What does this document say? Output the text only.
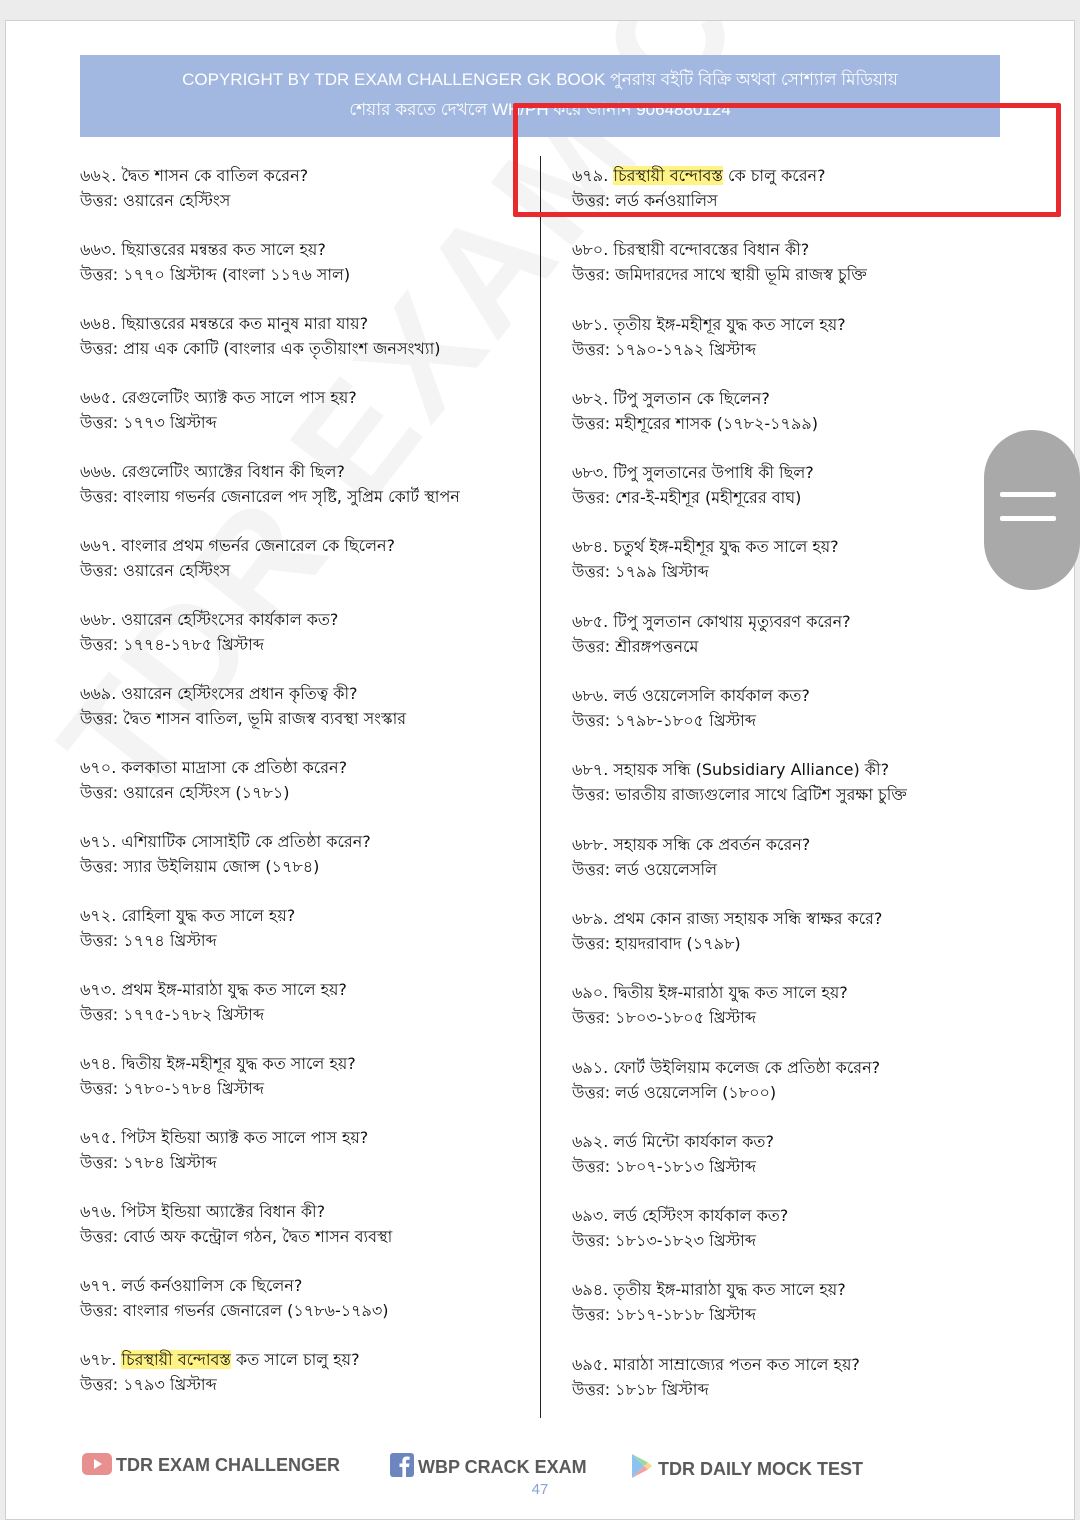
COPYRIGHT BY TDR EXAM CHALLENGER GK BOOK পুনরায় বইটি বিক্রি অথবা সোশ্যাল মিডিয়ায়
শেয়ার করতে দেখলে WH/PH করে জানান 9064880124
৬৬২. দ্বৈত শাসন কে বাতিল করেন?
উত্তর: ওয়ারেন হেস্টিংস
৬৬৩. ছিয়াত্তরের মন্বন্তর কত সালে হয়?
উত্তর: ১৭৭০ খ্রিস্টাব্দ (বাংলা ১১৭৬ সাল)
৬৬৪. ছিয়াত্তরের মন্বন্তরে কত মানুষ মারা যায়?
উত্তর: প্রায় এক কোটি (বাংলার এক তৃতীয়াংশ জনসংখ্যা)
৬৬৫. রেগুলেটিং অ্যাক্ট কত সালে পাস হয়?
উত্তর: ১৭৭৩ খ্রিস্টাব্দ
৬৬৬. রেগুলেটিং অ্যাক্টের বিধান কী ছিল?
উত্তর: বাংলায় গভর্নর জেনারেল পদ সৃষ্টি, সুপ্রিম কোর্ট স্থাপন
৬৬৭. বাংলার প্রথম গভর্নর জেনারেল কে ছিলেন?
উত্তর: ওয়ারেন হেস্টিংস
৬৬৮. ওয়ারেন হেস্টিংসের কার্যকাল কত?
উত্তর: ১৭৭৪-১৭৮৫ খ্রিস্টাব্দ
৬৬৯. ওয়ারেন হেস্টিংসের প্রধান কৃতিত্ব কী?
উত্তর: দ্বৈত শাসন বাতিল, ভূমি রাজস্ব ব্যবস্থা সংস্কার
৬৭০. কলকাতা মাদ্রাসা কে প্রতিষ্ঠা করেন?
উত্তর: ওয়ারেন হেস্টিংস (১৭৮১)
৬৭১. এশিয়াটিক সোসাইটি কে প্রতিষ্ঠা করেন?
উত্তর: স্যার উইলিয়াম জোন্স (১৭৮৪)
৬৭২. রোহিলা যুদ্ধ কত সালে হয়?
উত্তর: ১৭৭৪ খ্রিস্টাব্দ
৬৭৩. প্রথম ইঙ্গ-মারাঠা যুদ্ধ কত সালে হয়?
উত্তর: ১৭৭৫-১৭৮২ খ্রিস্টাব্দ
৬৭৪. দ্বিতীয় ইঙ্গ-মহীশূর যুদ্ধ কত সালে হয়?
উত্তর: ১৭৮০-১৭৮৪ খ্রিস্টাব্দ
৬৭৫. পিটস ইন্ডিয়া অ্যাক্ট কত সালে পাস হয়?
উত্তর: ১৭৮৪ খ্রিস্টাব্দ
৬৭৬. পিটস ইন্ডিয়া অ্যাক্টের বিধান কী?
উত্তর: বোর্ড অফ কন্ট্রোল গঠন, দ্বৈত শাসন ব্যবস্থা
৬৭৭. লর্ড কর্নওয়ালিস কে ছিলেন?
উত্তর: বাংলার গভর্নর জেনারেল (১৭৮৬-১৭৯৩)
৬৭৮. চিরস্থায়ী বন্দোবস্ত কত সালে চালু হয়?
উত্তর: ১৭৯৩ খ্রিস্টাব্দ
৬৭৯. চিরস্থায়ী বন্দোবস্ত কে চালু করেন?
উত্তর: লর্ড কর্নওয়ালিস
৬৮০. চিরস্থায়ী বন্দোবস্তের বিধান কী?
উত্তর: জমিদারদের সাথে স্থায়ী ভূমি রাজস্ব চুক্তি
৬৮১. তৃতীয় ইঙ্গ-মহীশূর যুদ্ধ কত সালে হয়?
উত্তর: ১৭৯০-১৭৯২ খ্রিস্টাব্দ
৬৮২. টিপু সুলতান কে ছিলেন?
উত্তর: মহীশূরের শাসক (১৭৮২-১৭৯৯)
৬৮৩. টিপু সুলতানের উপাধি কী ছিল?
উত্তর: শের-ই-মহীশূর (মহীশূরের বাঘ)
৬৮৪. চতুর্থ ইঙ্গ-মহীশূর যুদ্ধ কত সালে হয়?
উত্তর: ১৭৯৯ খ্রিস্টাব্দ
৬৮৫. টিপু সুলতান কোথায় মৃত্যুবরণ করেন?
উত্তর: শ্রীরঙ্গপত্তনমে
৬৮৬. লর্ড ওয়েলেসলি কার্যকাল কত?
উত্তর: ১৭৯৮-১৮০৫ খ্রিস্টাব্দ
৬৮৭. সহায়ক সন্ধি (Subsidiary Alliance) কী?
উত্তর: ভারতীয় রাজ্যগুলোর সাথে ব্রিটিশ সুরক্ষা চুক্তি
৬৮৮. সহায়ক সন্ধি কে প্রবর্তন করেন?
উত্তর: লর্ড ওয়েলেসলি
৬৮৯. প্রথম কোন রাজ্য সহায়ক সন্ধি স্বাক্ষর করে?
উত্তর: হায়দরাবাদ (১৭৯৮)
৬৯০. দ্বিতীয় ইঙ্গ-মারাঠা যুদ্ধ কত সালে হয়?
উত্তর: ১৮০৩-১৮০৫ খ্রিস্টাব্দ
৬৯১. ফোর্ট উইলিয়াম কলেজ কে প্রতিষ্ঠা করেন?
উত্তর: লর্ড ওয়েলেসলি (১৮০০)
৬৯২. লর্ড মিন্টো কার্যকাল কত?
উত্তর: ১৮০৭-১৮১৩ খ্রিস্টাব্দ
৬৯৩. লর্ড হেস্টিংস কার্যকাল কত?
উত্তর: ১৮১৩-১৮২৩ খ্রিস্টাব্দ
৬৯৪. তৃতীয় ইঙ্গ-মারাঠা যুদ্ধ কত সালে হয়?
উত্তর: ১৮১৭-১৮১৮ খ্রিস্টাব্দ
৬৯৫. মারাঠা সাম্রাজ্যের পতন কত সালে হয়?
উত্তর: ১৮১৮ খ্রিস্টাব্দ
TDR EXAM CHALLENGER	WBP CRACK EXAM	TDR DAILY MOCK TEST
47
